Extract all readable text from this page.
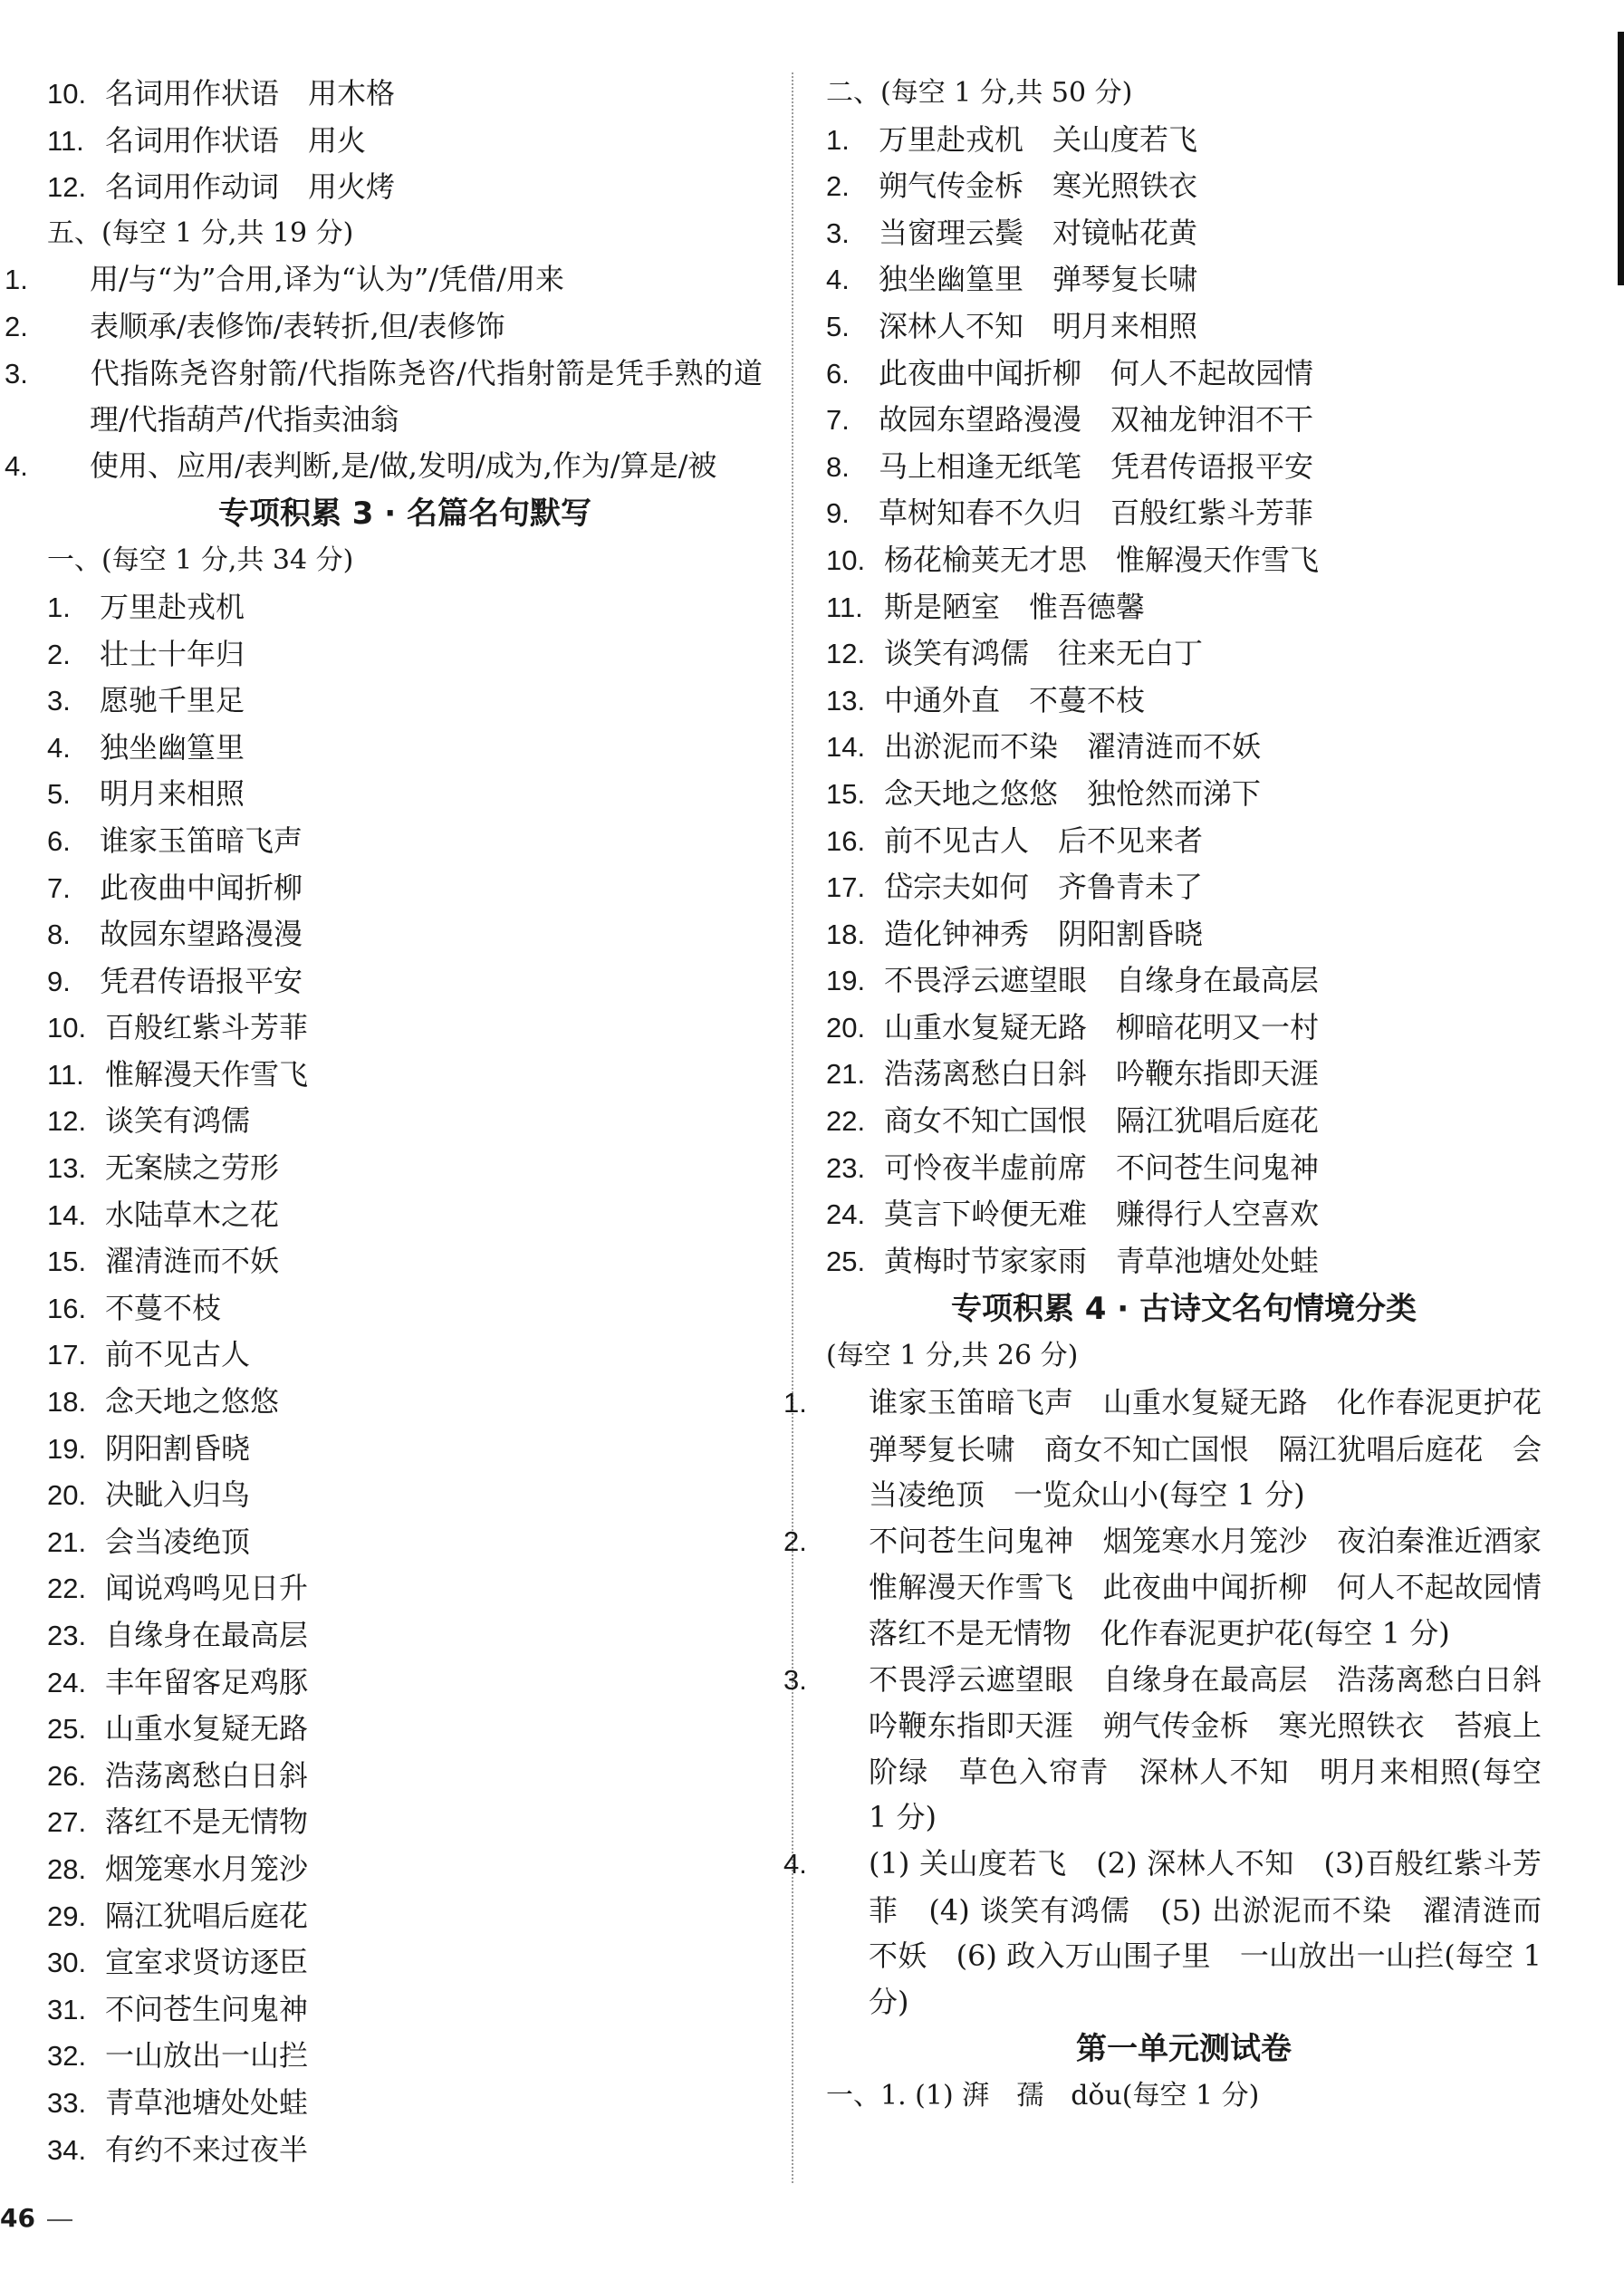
10. 名词用作状语　用木格
11. 名词用作状语　用火
12. 名词用作动词　用火烤
五、(每空 1 分,共 19 分)
1. 用/与“为”合用,译为“认为”/凭借/用来
2. 表顺承/表修饰/表转折,但/表修饰
3. 代指陈尧咨射箭/代指陈尧咨/代指射箭是凭手熟的道理/代指葫芦/代指卖油翁
4. 使用、应用/表判断,是/做,发明/成为,作为/算是/被
专项积累 3 · 名篇名句默写
一、(每空 1 分,共 34 分)
1. 万里赴戎机
2. 壮士十年归
3. 愿驰千里足
4. 独坐幽篁里
5. 明月来相照
6. 谁家玉笛暗飞声
7. 此夜曲中闻折柳
8. 故园东望路漫漫
9. 凭君传语报平安
10. 百般红紫斗芳菲
11. 惟解漫天作雪飞
12. 谈笑有鸿儒
13. 无案牍之劳形
14. 水陆草木之花
15. 濯清涟而不妖
16. 不蔓不枝
17. 前不见古人
18. 念天地之悠悠
19. 阴阳割昏晓
20. 决眦入归鸟
21. 会当凌绝顶
22. 闻说鸡鸣见日升
23. 自缘身在最高层
24. 丰年留客足鸡豚
25. 山重水复疑无路
26. 浩荡离愁白日斜
27. 落红不是无情物
28. 烟笼寒水月笼沙
29. 隔江犹唱后庭花
30. 宣室求贤访逐臣
31. 不问苍生问鬼神
32. 一山放出一山拦
33. 青草池塘处处蛙
34. 有约不来过夜半
二、(每空 1 分,共 50 分)
1. 万里赴戎机　关山度若飞
2. 朔气传金柝　寒光照铁衣
3. 当窗理云鬓　对镜帖花黄
4. 独坐幽篁里　弹琴复长啸
5. 深林人不知　明月来相照
6. 此夜曲中闻折柳　何人不起故园情
7. 故园东望路漫漫　双袖龙钟泪不干
8. 马上相逢无纸笔　凭君传语报平安
9. 草树知春不久归　百般红紫斗芳菲
10. 杨花榆荚无才思　惟解漫天作雪飞
11. 斯是陋室　惟吾德馨
12. 谈笑有鸿儒　往来无白丁
13. 中通外直　不蔓不枝
14. 出淤泥而不染　濯清涟而不妖
15. 念天地之悠悠　独怆然而涕下
16. 前不见古人　后不见来者
17. 岱宗夫如何　齐鲁青未了
18. 造化钟神秀　阴阳割昏晓
19. 不畏浮云遮望眼　自缘身在最高层
20. 山重水复疑无路　柳暗花明又一村
21. 浩荡离愁白日斜　吟鞭东指即天涯
22. 商女不知亡国恨　隔江犹唱后庭花
23. 可怜夜半虚前席　不问苍生问鬼神
24. 莫言下岭便无难　赚得行人空喜欢
25. 黄梅时节家家雨　青草池塘处处蛙
专项积累 4 · 古诗文名句情境分类
(每空 1 分,共 26 分)
1. 谁家玉笛暗飞声　山重水复疑无路　化作春泥更护花　弹琴复长啸　商女不知亡国恨　隔江犹唱后庭花　会当凌绝顶　一览众山小(每空 1 分)
2. 不问苍生问鬼神　烟笼寒水月笼沙　夜泊秦淮近酒家　惟解漫天作雪飞　此夜曲中闻折柳　何人不起故园情　落红不是无情物　化作春泥更护花(每空 1 分)
3. 不畏浮云遮望眼　自缘身在最高层　浩荡离愁白日斜　吟鞭东指即天涯　朔气传金柝　寒光照铁衣　苔痕上阶绿　草色入帘青　深林人不知　明月来相照(每空 1 分)
4. (1) 关山度若飞　(2) 深林人不知　(3)百般红紫斗芳菲　(4) 谈笑有鸿儒　(5) 出淤泥而不染　濯清涟而不妖　(6) 政入万山围子里　一山放出一山拦(每空 1 分)
第一单元测试卷
一、1. (1) 湃　孺　dǒu(每空 1 分)
46
